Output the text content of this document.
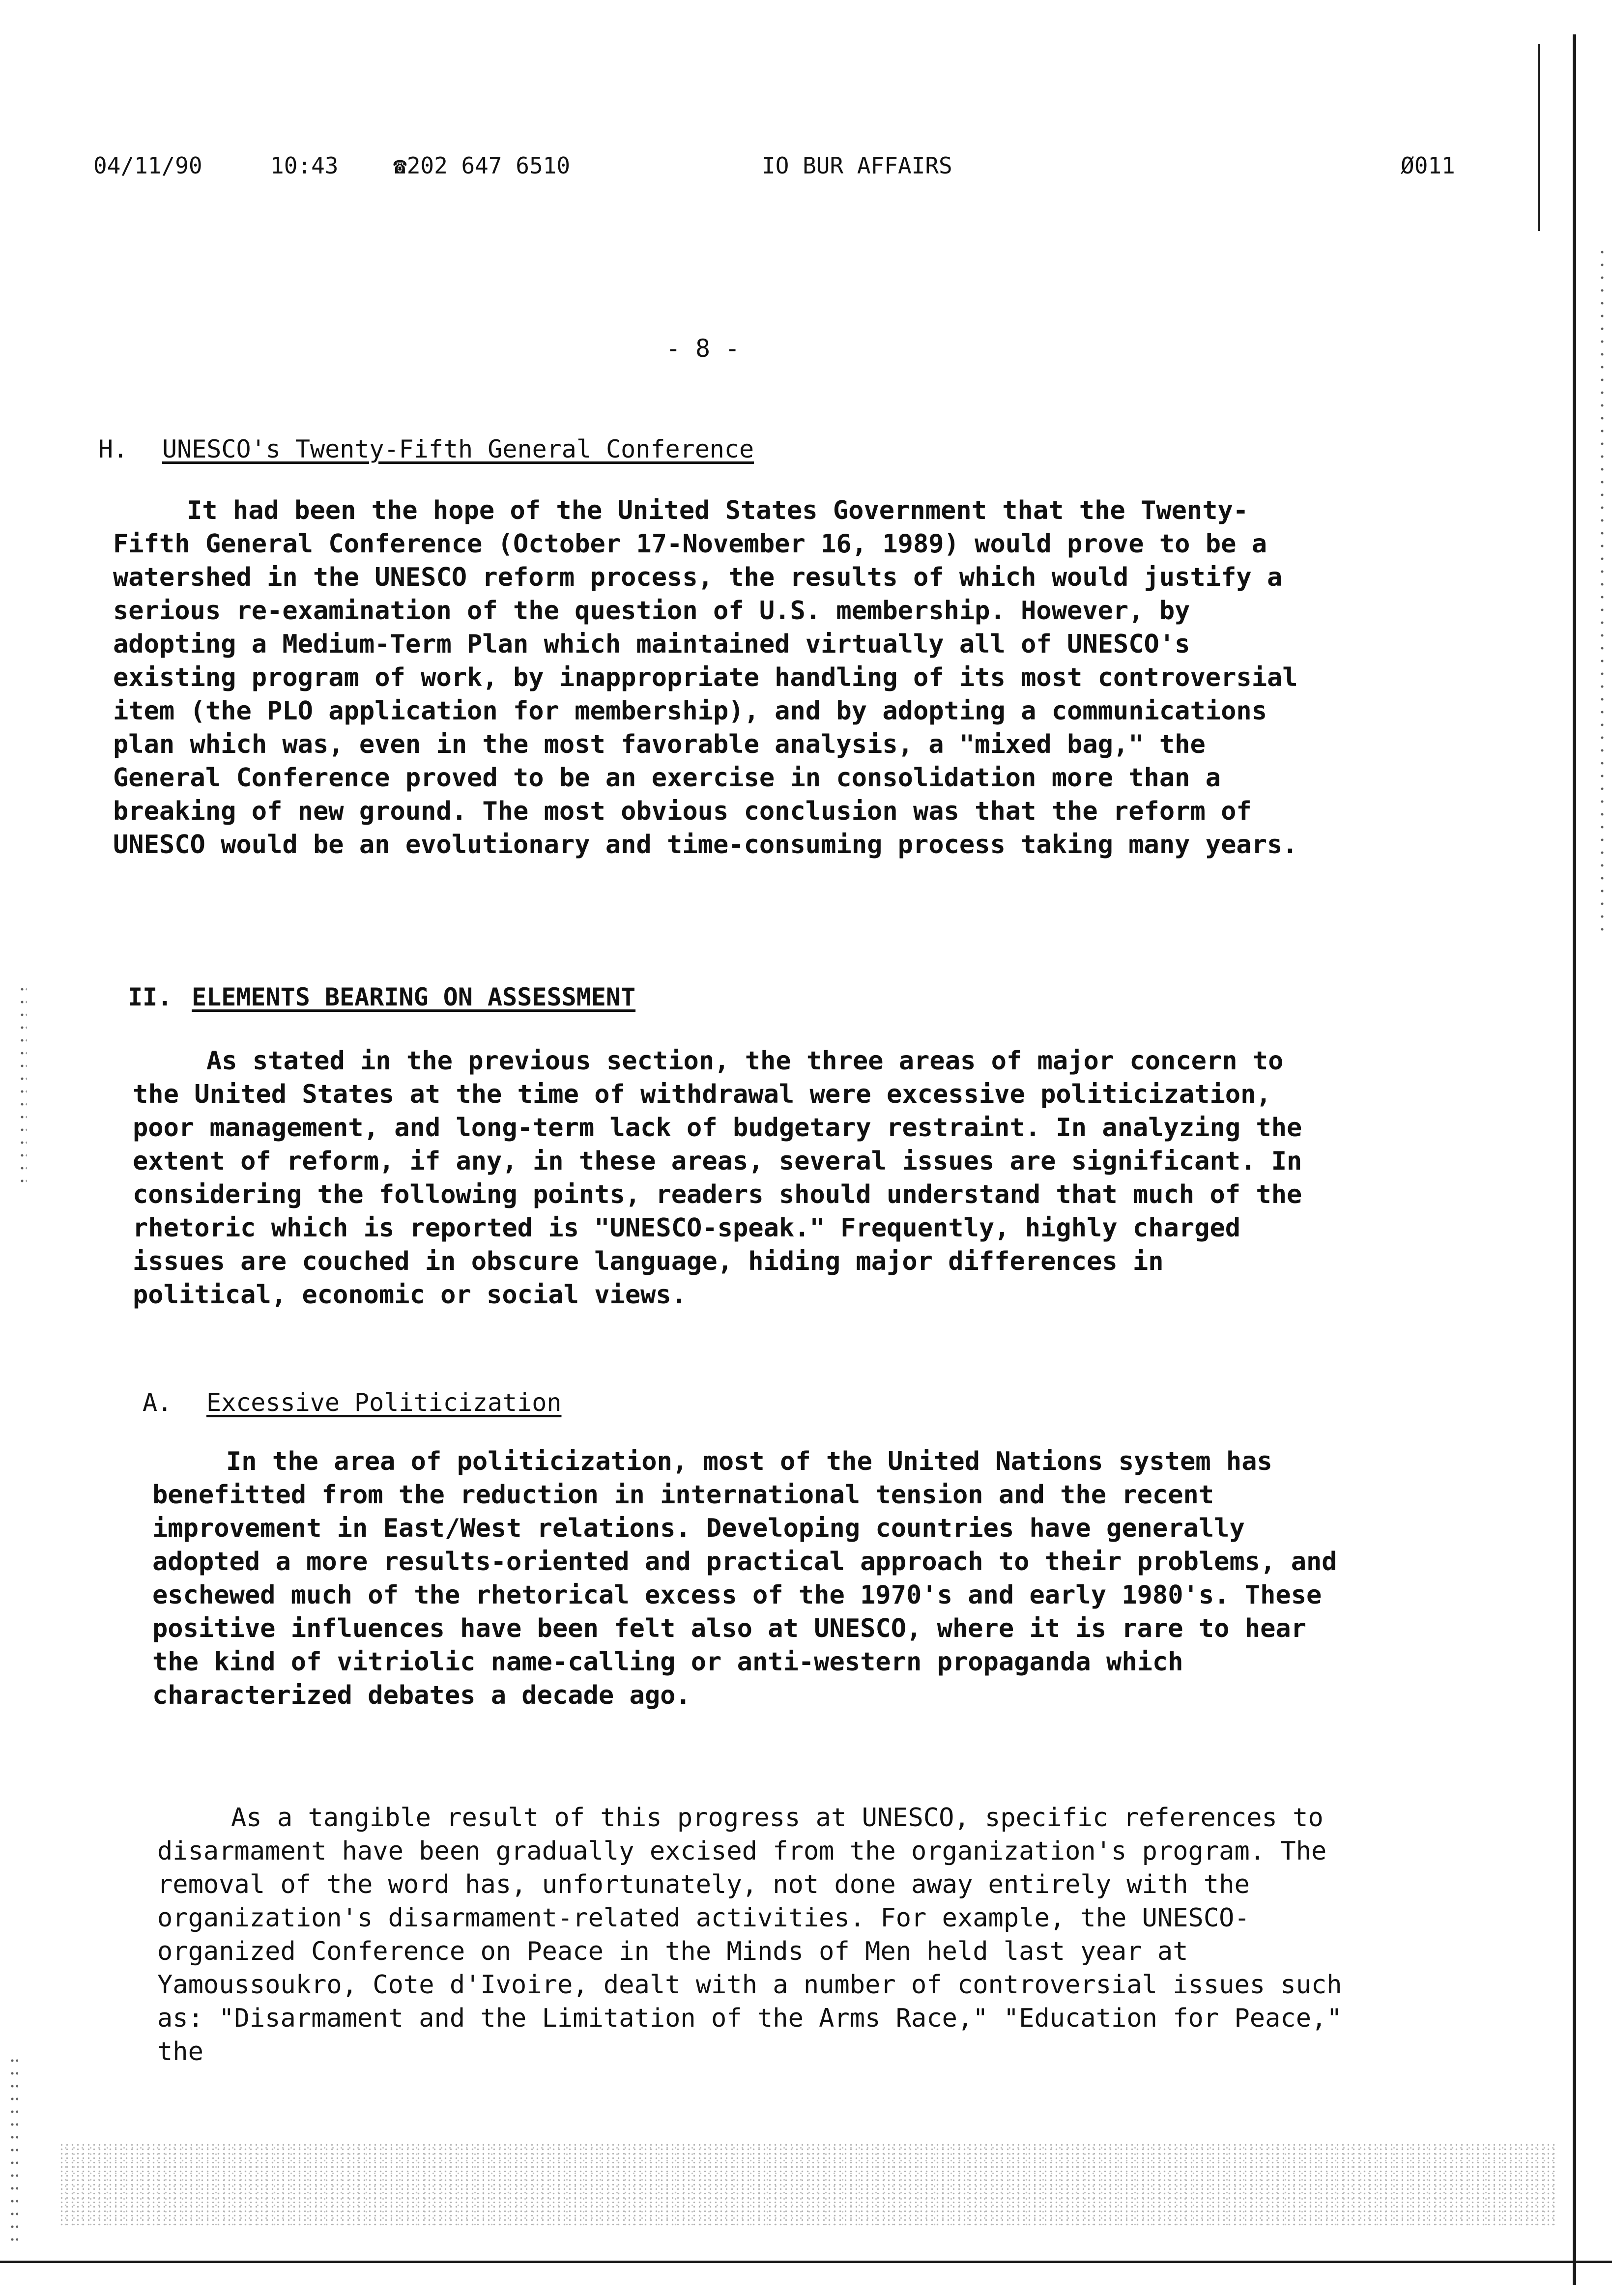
04/11/90	10:43 ☎202 647 6510	IO BUR AFFAIRS	Ø011
- 8 -
H. UNESCO's Twenty-Fifth General Conference

It had been the hope of the United States Government that the Twenty-Fifth General Conference (October 17-November 16, 1989) would prove to be a watershed in the UNESCO reform process, the results of which would justify a serious re-examination of the question of U.S. membership. However, by adopting a Medium-Term Plan which maintained virtually all of UNESCO's existing program of work, by inappropriate handling of its most controversial item (the PLO application for membership), and by adopting a communications plan which was, even in the most favorable analysis, a "mixed bag," the General Conference proved to be an exercise in consolidation more than a breaking of new ground. The most obvious conclusion was that the reform of UNESCO would be an evolutionary and time-consuming process taking many years.

II. ELEMENTS BEARING ON ASSESSMENT

As stated in the previous section, the three areas of major concern to the United States at the time of withdrawal were excessive politicization, poor management, and long-term lack of budgetary restraint. In analyzing the extent of reform, if any, in these areas, several issues are significant. In considering the following points, readers should understand that much of the rhetoric which is reported is "UNESCO-speak." Frequently, highly charged issues are couched in obscure language, hiding major differences in political, economic or social views.

A. Excessive Politicization

In the area of politicization, most of the United Nations system has benefitted from the reduction in international tension and the recent improvement in East/West relations. Developing countries have generally adopted a more results-oriented and practical approach to their problems, and eschewed much of the rhetorical excess of the 1970's and early 1980's. These positive influences have been felt also at UNESCO, where it is rare to hear the kind of vitriolic name-calling or anti-western propaganda which characterized debates a decade ago.

As a tangible result of this progress at UNESCO, specific references to disarmament have been gradually excised from the organization's program. The removal of the word has, unfortunately, not done away entirely with the organization's disarmament-related activities. For example, the UNESCO-organized Conference on Peace in the Minds of Men held last year at Yamoussoukro, Cote d'Ivoire, dealt with a number of controversial issues such as: "Disarmament and the Limitation of the Arms Race," "Education for Peace," the
